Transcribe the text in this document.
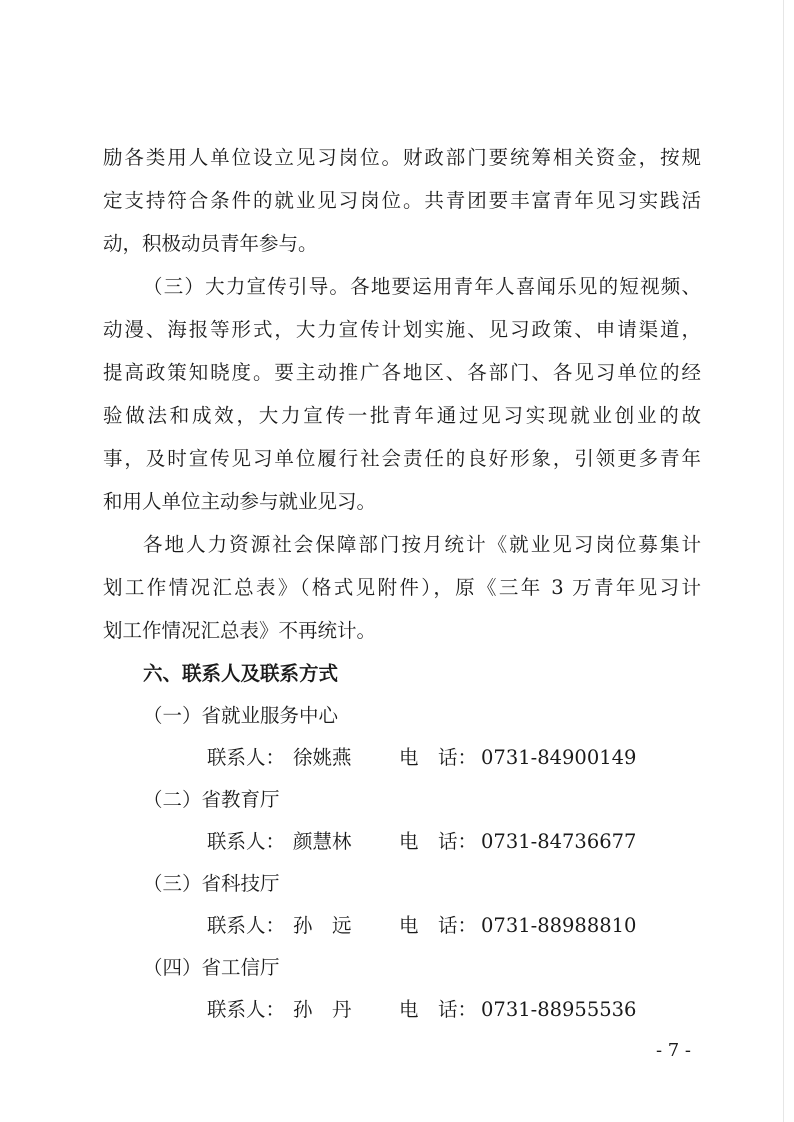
励各类用人单位设立见习岗位。财政部门要统筹相关资金，按规
定支持符合条件的就业见习岗位。共青团要丰富青年见习实践活
动，积极动员青年参与。
（三）大力宣传引导。各地要运用青年人喜闻乐见的短视频、
动漫、海报等形式，大力宣传计划实施、见习政策、申请渠道，
提高政策知晓度。要主动推广各地区、各部门、各见习单位的经
验做法和成效，大力宣传一批青年通过见习实现就业创业的故
事，及时宣传见习单位履行社会责任的良好形象，引领更多青年
和用人单位主动参与就业见习。
各地人力资源社会保障部门按月统计《就业见习岗位募集计
划工作情况汇总表》（格式见附件），原《三年 3 万青年见习计
划工作情况汇总表》不再统计。
六、联系人及联系方式
（一）省就业服务中心
联系人： 徐姚燕 电　话： 0731-84900149
（二）省教育厅
联系人： 颜慧林 电　话： 0731-84736677
（三）省科技厅
联系人： 孙　远 电　话： 0731-88988810
（四）省工信厅
联系人： 孙　丹 电　话： 0731-88955536
- 7 -
